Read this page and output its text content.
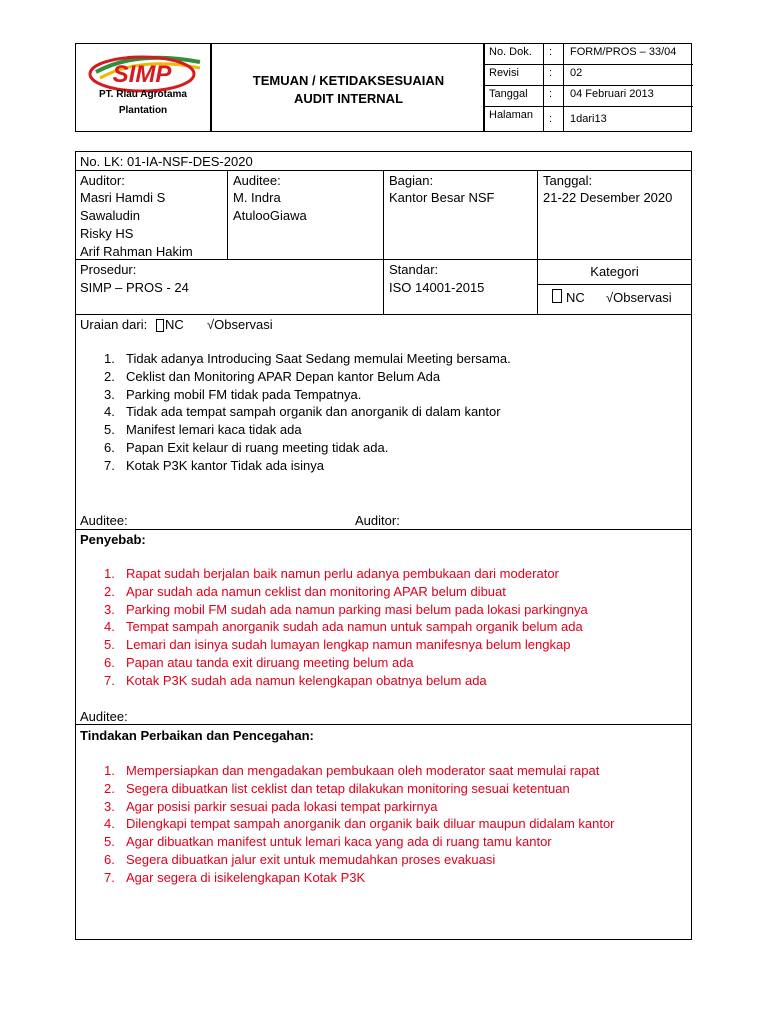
SIMP
PT. Riau Agrotama
Plantation
TEMUAN / KETIDAKSESUAIAN
AUDIT INTERNAL
No. Dok. : FORM/PROS – 33/04
Revisi	: 02
Tanggal : 04 Februari 2013
Halaman	: 1dari13
No. LK: 01-IA-NSF-DES-2020
Auditor:
Masri Hamdi S
Sawaludin
Risky HS
Arif Rahman Hakim
Auditee:
M. Indra
AtulooGiawa
Bagian:
Kantor Besar NSF
Tanggal:
21-22 Desember 2020
Prosedur:
SIMP – PROS - 24
Standar:
ISO 14001-2015
Kategori
NC √Observasi
Uraian dari: NC √Observasi
1. Tidak adanya Introducing Saat Sedang memulai Meeting bersama.
2. Ceklist dan Monitoring APAR Depan kantor Belum Ada
3. Parking mobil FM tidak pada Tempatnya.
4. Tidak ada tempat sampah organik dan anorganik di dalam kantor
5. Manifest lemari kaca tidak ada
6. Papan Exit kelaur di ruang meeting tidak ada.
7. Kotak P3K kantor Tidak ada isinya
Auditee:	Auditor:
Penyebab:
1. Rapat sudah berjalan baik namun perlu adanya pembukaan dari moderator
2. Apar sudah ada namun ceklist dan monitoring APAR belum dibuat
3. Parking mobil FM sudah ada namun parking masi belum pada lokasi parkingnya
4. Tempat sampah anorganik sudah ada namun untuk sampah organik belum ada
5. Lemari dan isinya sudah lumayan lengkap namun manifesnya belum lengkap
6. Papan atau tanda exit diruang meeting belum ada
7. Kotak P3K sudah ada namun kelengkapan obatnya belum ada
Auditee:
Tindakan Perbaikan dan Pencegahan:
1. Mempersiapkan dan mengadakan pembukaan oleh moderator saat memulai rapat
2. Segera dibuatkan list ceklist dan tetap dilakukan monitoring sesuai ketentuan
3. Agar posisi parkir sesuai pada lokasi tempat parkirnya
4. Dilengkapi tempat sampah anorganik dan organik baik diluar maupun didalam kantor
5. Agar dibuatkan manifest untuk lemari kaca yang ada di ruang tamu kantor
6. Segera dibuatkan jalur exit untuk memudahkan proses evakuasi
7. Agar segera di isikelengkapan Kotak P3K
